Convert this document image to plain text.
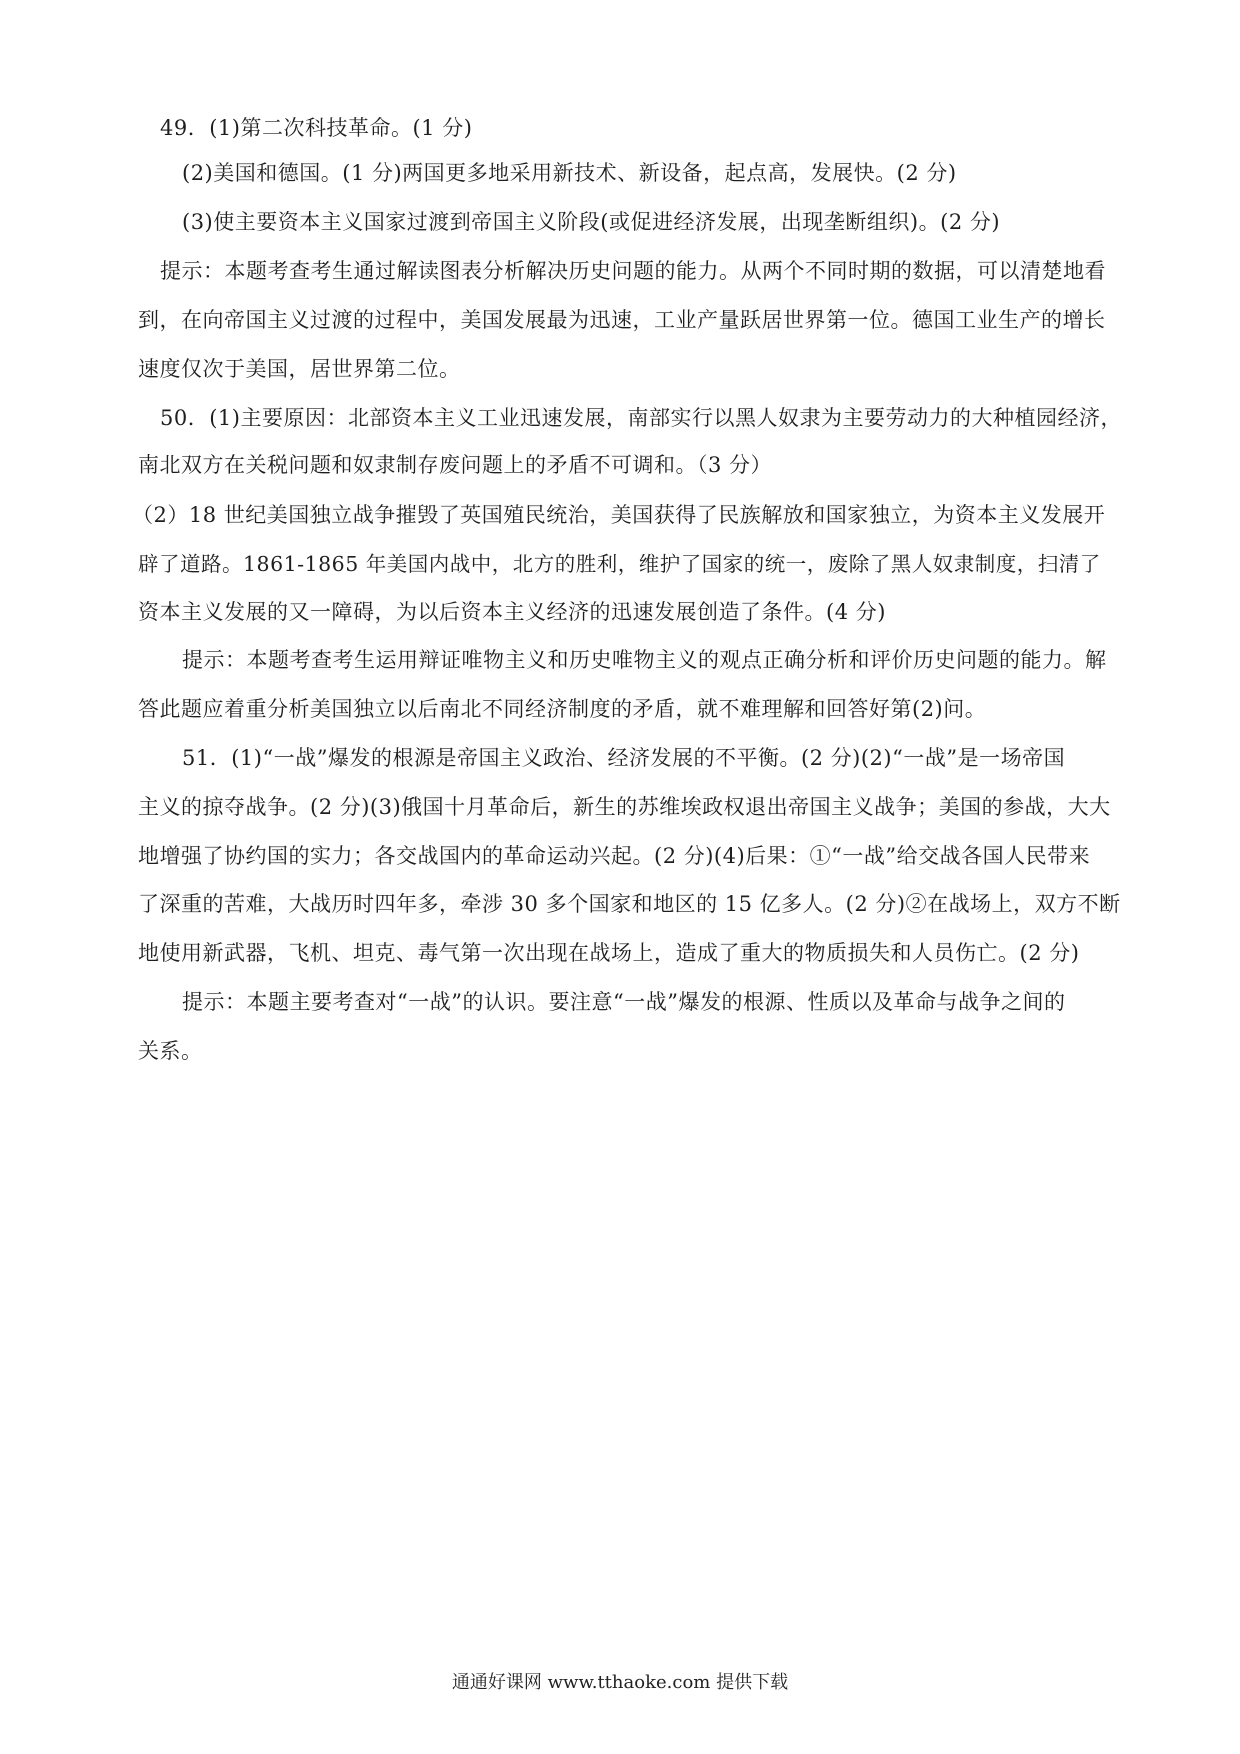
49．(1)第二次科技革命。(1 分)
(2)美国和德国。(1 分)两国更多地采用新技术、新设备，起点高，发展快。(2 分)
(3)使主要资本主义国家过渡到帝国主义阶段(或促进经济发展，出现垄断组织)。(2 分)
提示：本题考查考生通过解读图表分析解决历史问题的能力。从两个不同时期的数据，可以清楚地看
到，在向帝国主义过渡的过程中，美国发展最为迅速，工业产量跃居世界第一位。德国工业生产的增长
速度仅次于美国，居世界第二位。
50．(1)主要原因：北部资本主义工业迅速发展，南部实行以黑人奴隶为主要劳动力的大种植园经济，
南北双方在关税问题和奴隶制存废问题上的矛盾不可调和。（3 分）
（2）18 世纪美国独立战争摧毁了英国殖民统治，美国获得了民族解放和国家独立，为资本主义发展开
辟了道路。1861-1865 年美国内战中，北方的胜利，维护了国家的统一，废除了黑人奴隶制度，扫清了
资本主义发展的又一障碍，为以后资本主义经济的迅速发展创造了条件。(4 分)
提示：本题考查考生运用辩证唯物主义和历史唯物主义的观点正确分析和评价历史问题的能力。解
答此题应着重分析美国独立以后南北不同经济制度的矛盾，就不难理解和回答好第(2)问。
51．(1)“一战”爆发的根源是帝国主义政治、经济发展的不平衡。(2 分)(2)“一战”是一场帝国
主义的掠夺战争。(2 分)(3)俄国十月革命后，新生的苏维埃政权退出帝国主义战争；美国的参战，大大
地增强了协约国的实力；各交战国内的革命运动兴起。(2 分)(4)后果：①“一战”给交战各国人民带来
了深重的苦难，大战历时四年多，牵涉 30 多个国家和地区的 15 亿多人。(2 分)②在战场上，双方不断
地使用新武器，飞机、坦克、毒气第一次出现在战场上，造成了重大的物质损失和人员伤亡。(2 分)
提示：本题主要考查对“一战”的认识。要注意“一战”爆发的根源、性质以及革命与战争之间的
关系。
通通好课网 www.tthaoke.com 提供下载
